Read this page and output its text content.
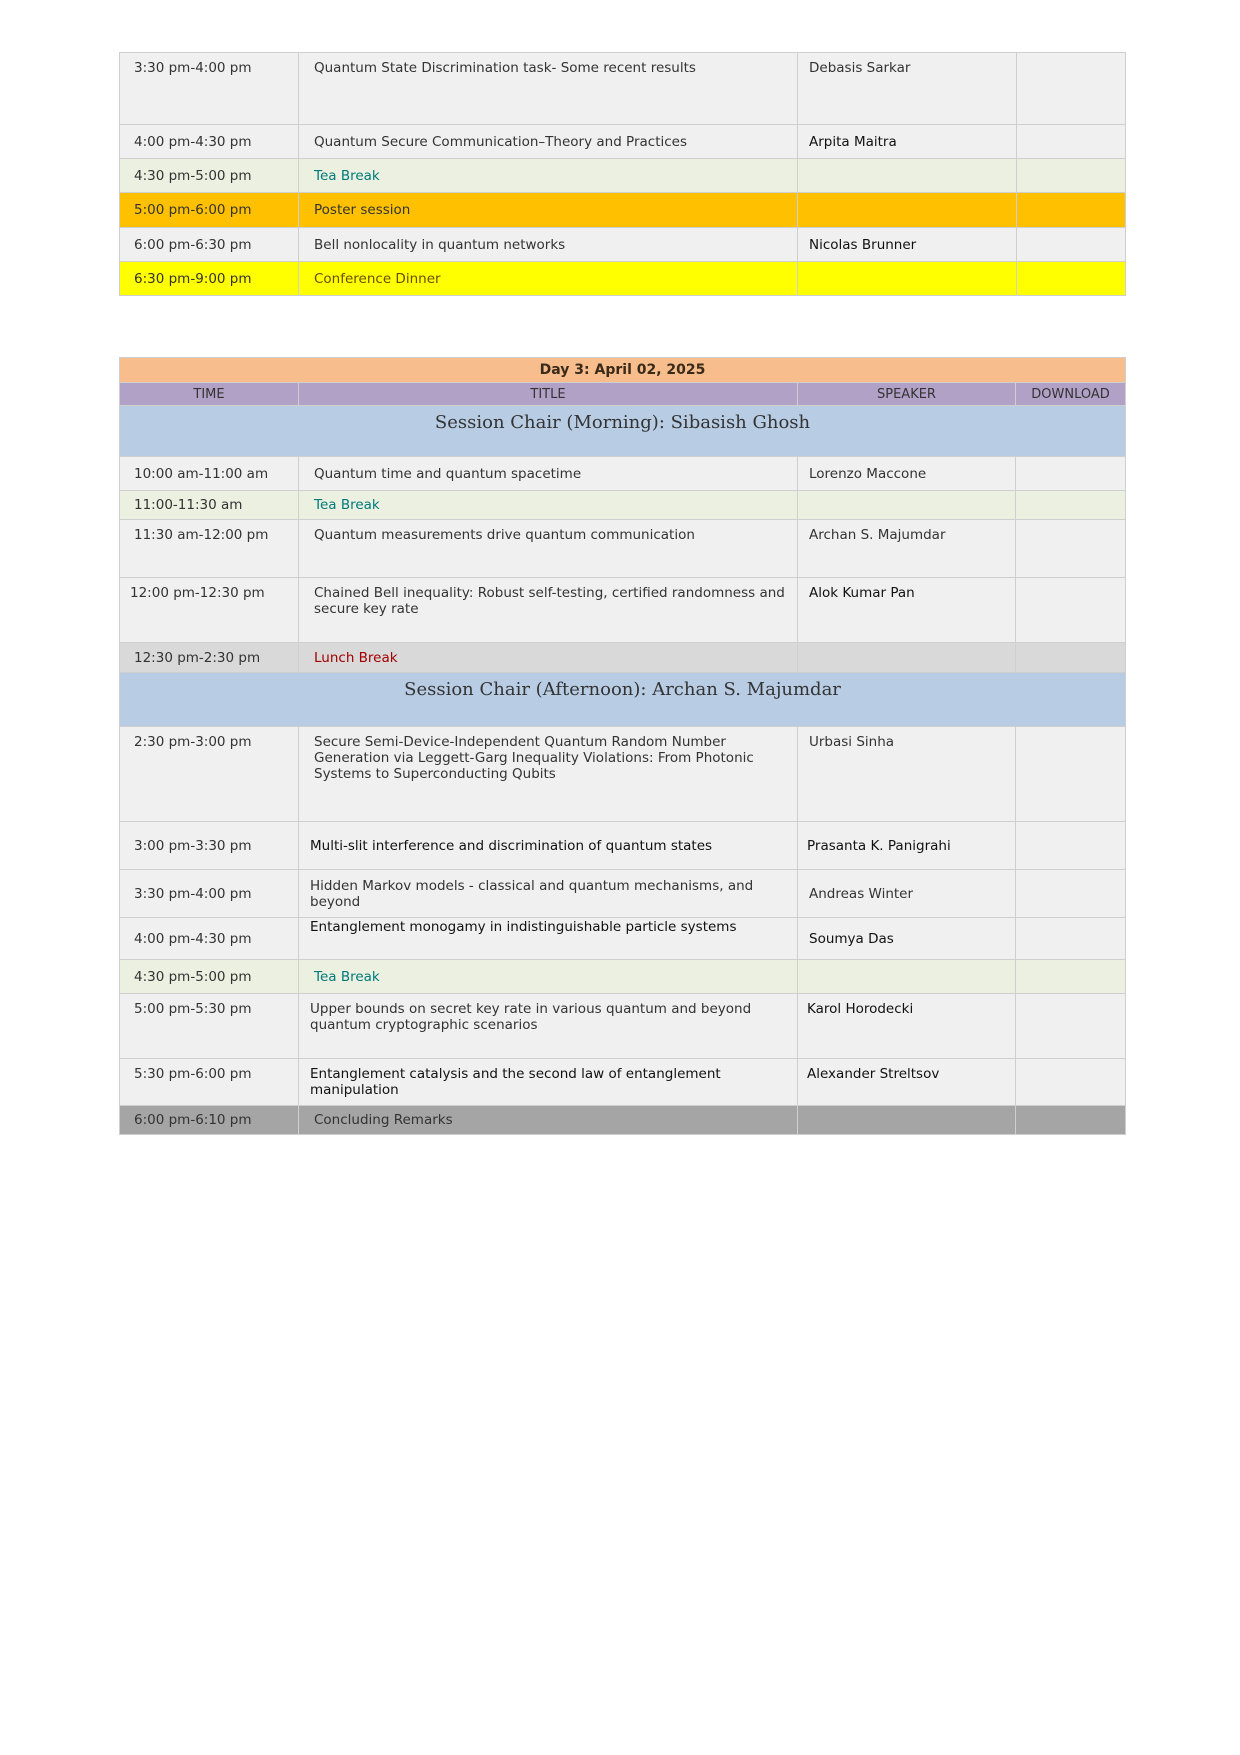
3:30 pm-4:00 pm	Quantum State Discrimination task- Some recent results	Debasis Sarkar	
4:00 pm-4:30 pm	Quantum Secure Communication–Theory and Practices	Arpita Maitra	
4:30 pm-5:00 pm	Tea Break		
5:00 pm-6:00 pm	Poster session		
6:00 pm-6:30 pm	Bell nonlocality in quantum networks	Nicolas Brunner	
6:30 pm-9:00 pm	Conference Dinner		
Day 3: April 02, 2025			
TIME	TITLE	SPEAKER	DOWNLOAD
Session Chair (Morning): Sibasish Ghosh			
10:00 am-11:00 am	Quantum time and quantum spacetime	Lorenzo Maccone	
11:00-11:30 am	Tea Break		
11:30 am-12:00 pm	Quantum measurements drive quantum communication	Archan S. Majumdar	
12:00 pm-12:30 pm	Chained Bell inequality: Robust self-testing, certified randomness and secure key rate	Alok Kumar Pan	
12:30 pm-2:30 pm	Lunch Break		
Session Chair (Afternoon): Archan S. Majumdar			
2:30 pm-3:00 pm	Secure Semi-Device-Independent Quantum Random Number Generation via Leggett-Garg Inequality Violations: From Photonic Systems to Superconducting Qubits	Urbasi Sinha	
3:00 pm-3:30 pm	Multi-slit interference and discrimination of quantum states	Prasanta K. Panigrahi	
3:30 pm-4:00 pm	Hidden Markov models - classical and quantum mechanisms, and beyond	Andreas Winter	
4:00 pm-4:30 pm	Entanglement monogamy in indistinguishable particle systems	Soumya Das	
4:30 pm-5:00 pm	Tea Break		
5:00 pm-5:30 pm	Upper bounds on secret key rate in various quantum and beyond quantum cryptographic scenarios	Karol Horodecki	
5:30 pm-6:00 pm	Entanglement catalysis and the second law of entanglement manipulation	Alexander Streltsov	
6:00 pm-6:10 pm	Concluding Remarks		
